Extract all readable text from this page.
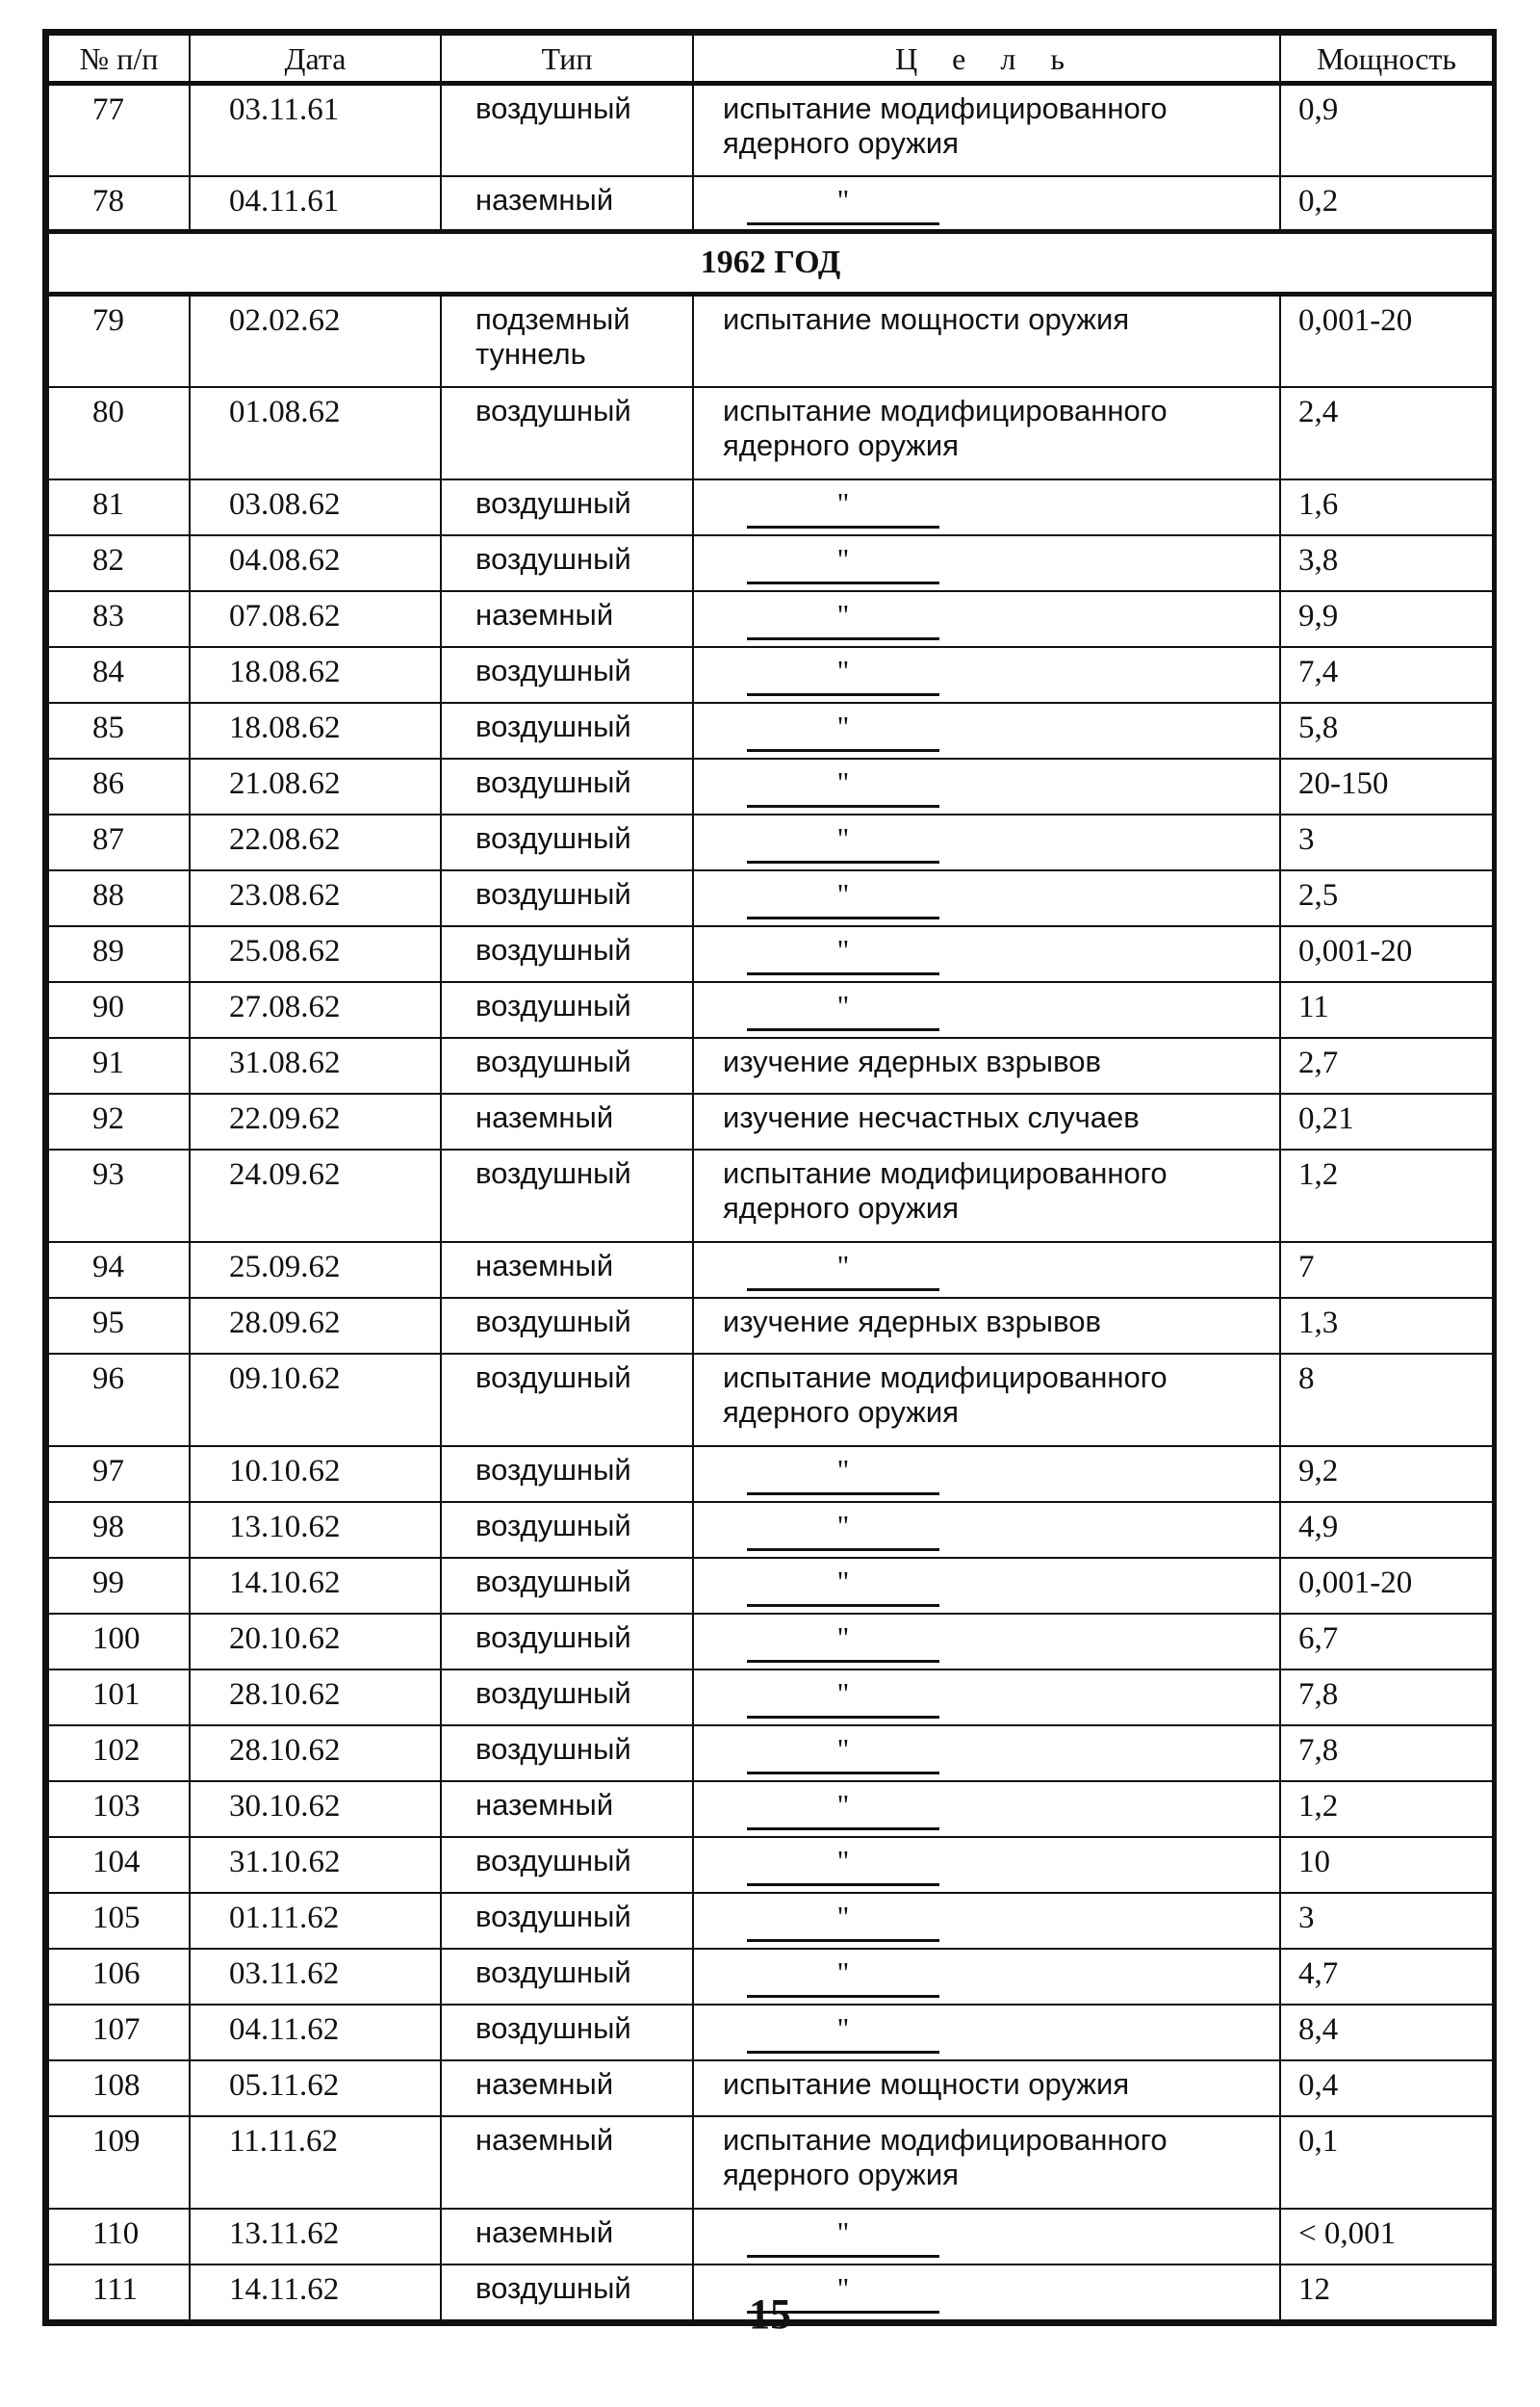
№ п/п	Дата	Тип	Ц е л ь	Мощность
77	03.11.61	воздушный	испытание модифицированного ядерного оружия	0,9
78	04.11.61	наземный	"	0,2
1962 ГОД				
79	02.02.62	подземный туннель	испытание мощности оружия	0,001-20
80	01.08.62	воздушный	испытание модифицированного ядерного оружия	2,4
81	03.08.62	воздушный	"	1,6
82	04.08.62	воздушный	"	3,8
83	07.08.62	наземный	"	9,9
84	18.08.62	воздушный	"	7,4
85	18.08.62	воздушный	"	5,8
86	21.08.62	воздушный	"	20-150
87	22.08.62	воздушный	"	3
88	23.08.62	воздушный	"	2,5
89	25.08.62	воздушный	"	0,001-20
90	27.08.62	воздушный	"	11
91	31.08.62	воздушный	изучение ядерных взрывов	2,7
92	22.09.62	наземный	изучение несчастных случаев	0,21
93	24.09.62	воздушный	испытание модифицированного ядерного оружия	1,2
94	25.09.62	наземный	"	7
95	28.09.62	воздушный	изучение ядерных взрывов	1,3
96	09.10.62	воздушный	испытание модифицированного ядерного оружия	8
97	10.10.62	воздушный	"	9,2
98	13.10.62	воздушный	"	4,9
99	14.10.62	воздушный	"	0,001-20
100	20.10.62	воздушный	"	6,7
101	28.10.62	воздушный	"	7,8
102	28.10.62	воздушный	"	7,8
103	30.10.62	наземный	"	1,2
104	31.10.62	воздушный	"	10
105	01.11.62	воздушный	"	3
106	03.11.62	воздушный	"	4,7
107	04.11.62	воздушный	"	8,4
108	05.11.62	наземный	испытание мощности оружия	0,4
109	11.11.62	наземный	испытание модифицированного ядерного оружия	0,1
110	13.11.62	наземный	"	< 0,001
111	14.11.62	воздушный	"	12
15
